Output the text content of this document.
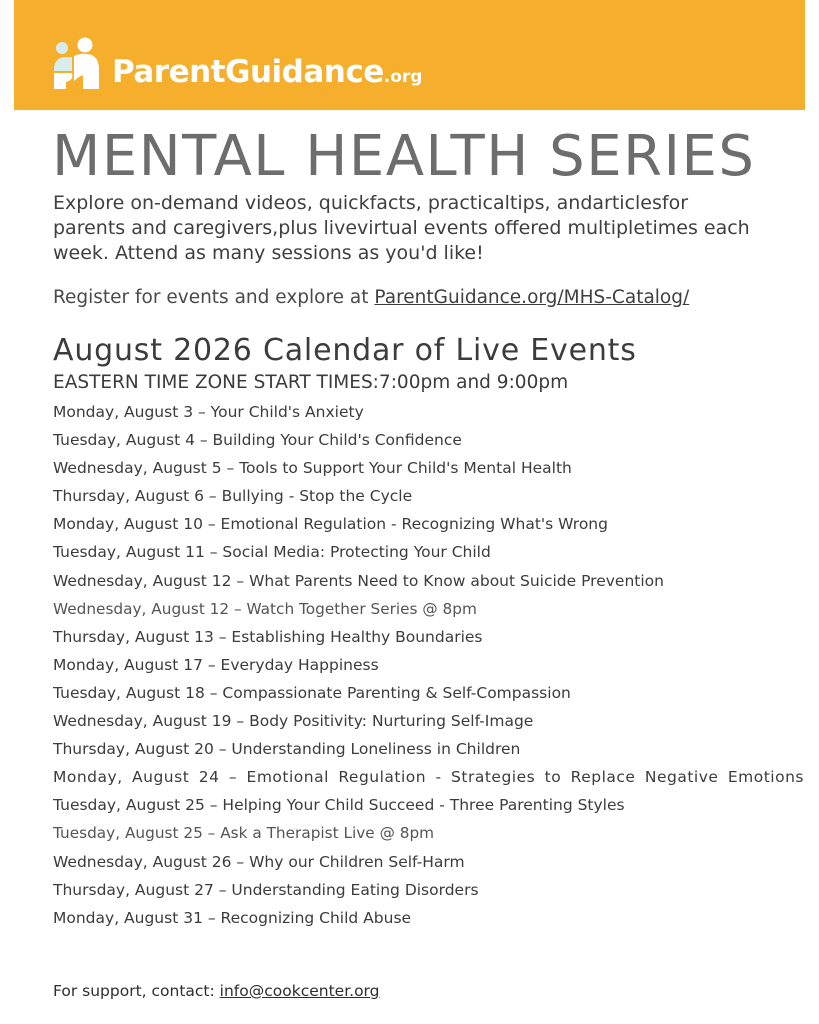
ParentGuidance.org
MENTAL HEALTH SERIES

Explore on-demand videos, quickfacts, practicaltips, andarticlesfor parents and caregivers,plus livevirtual events offered multipletimes each week. Attend as many sessions as you'd like!

Register for events and explore at ParentGuidance.org/MHS-Catalog/

August 2026 Calendar of Live Events

EASTERN TIME ZONE START TIMES:7:00pm and 9:00pm

Monday, August 3 – Your Child's Anxiety
Tuesday, August 4 – Building Your Child's Confidence
Wednesday, August 5 – Tools to Support Your Child's Mental Health
Thursday, August 6 – Bullying - Stop the Cycle
Monday, August 10 – Emotional Regulation - Recognizing What's Wrong
Tuesday, August 11 – Social Media: Protecting Your Child
Wednesday, August 12 – What Parents Need to Know about Suicide Prevention
Wednesday, August 12 – Watch Together Series @ 8pm
Thursday, August 13 – Establishing Healthy Boundaries
Monday, August 17 – Everyday Happiness
Tuesday, August 18 – Compassionate Parenting & Self-Compassion
Wednesday, August 19 – Body Positivity: Nurturing Self-Image
Thursday, August 20 – Understanding Loneliness in Children
Monday, August 24 – Emotional Regulation - Strategies to Replace Negative Emotions
Tuesday, August 25 – Helping Your Child Succeed - Three Parenting Styles
Tuesday, August 25 – Ask a Therapist Live @ 8pm
Wednesday, August 26 – Why our Children Self-Harm
Thursday, August 27 – Understanding Eating Disorders
Monday, August 31 – Recognizing Child Abuse

For support, contact: info@cookcenter.org
